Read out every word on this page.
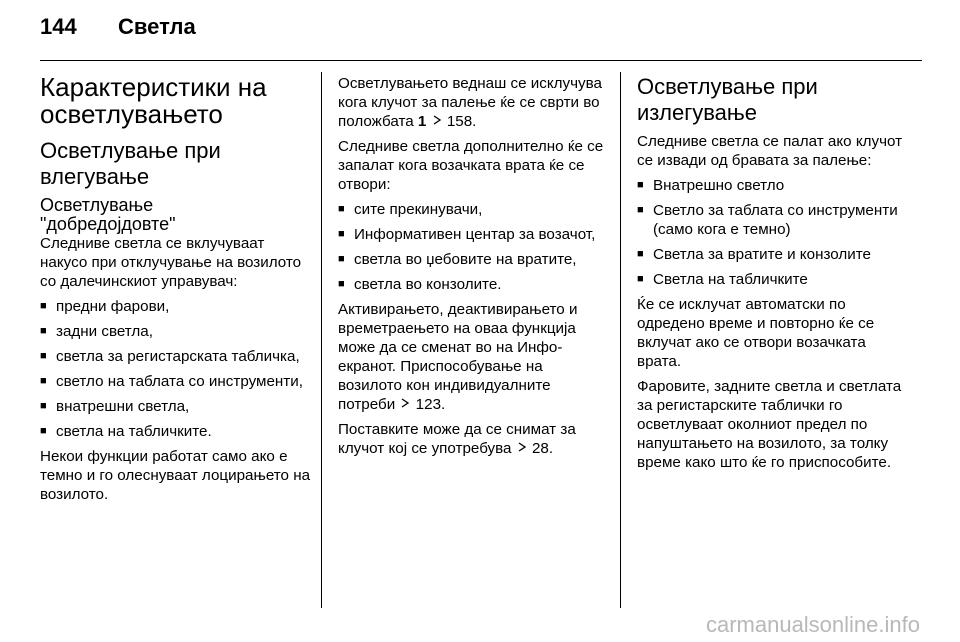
144 Светла
Карактеристики на осветлувањето
Осветлување при влегување
Осветлување
"добредојдовте"
Следниве светла се вклучуваат накусо при отклучување на возилото со далечинскиот управувач:
■ предни фарови,
■ задни светла,
■ светла за регистарската табличка,
■ светло на таблата со инструменти,
■ внатрешни светла,
■ светла на табличките.
Некои функции работат само ако е темно и го олеснуваат лоцирањето на возилото.
Осветлувањето веднаш се исклучува кога клучот за палење ќе се сврти во положбата 1 158.
Следниве светла дополнително ќе се запалат кога возачката врата ќе се отвори:
■ сите прекинувачи,
■ Информативен центар за возачот,
■ светла во џебовите на вратите,
■ светла во конзолите.
Активирањето, деактивирањето и времетраењето на оваа функција може да се сменат во на Инфо-екранот. Приспособување на возилото кон индивидуалните потреби 123.
Поставките може да се снимат за клучот кој се употребува 28.
Осветлување при излегување
Следниве светла се палат ако клучот се извади од бравата за палење:
■ Внатрешно светло
■ Светло за таблата со инструменти (само кога е темно)
■ Светла за вратите и конзолите
■ Светла на табличките
Ќе се исклучат автоматски по одредено време и повторно ќе се вклучат ако се отвори возачката врата.
Фаровите, задните светла и светлата за регистарските таблички го осветлуваат околниот предел по напуштањето на возилото, за толку време како што ќе го приспособите.
carmanualsonline.info
